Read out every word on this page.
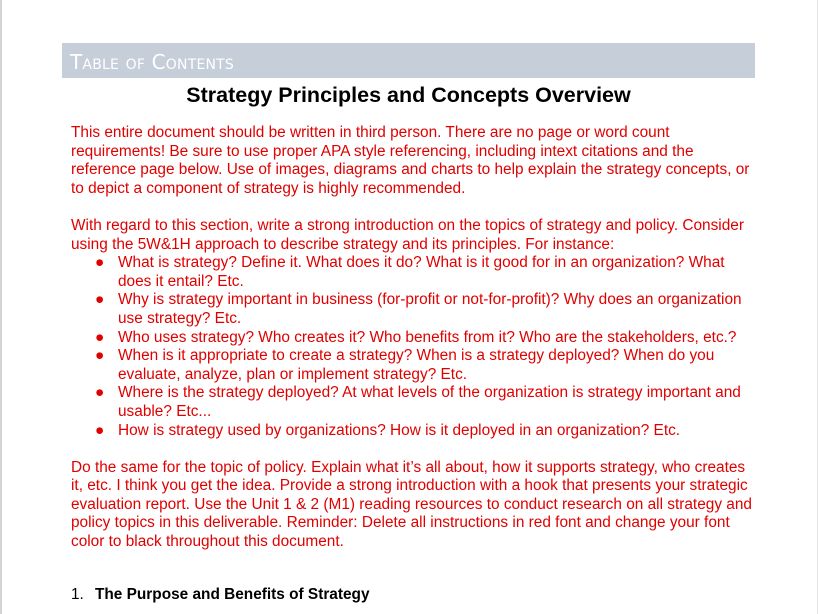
Table of Contents
Strategy Principles and Concepts Overview

This entire document should be written in third person. There are no page or word count requirements! Be sure to use proper APA style referencing, including intext citations and the reference page below. Use of images, diagrams and charts to help explain the strategy concepts, or to depict a component of strategy is highly recommended.

With regard to this section, write a strong introduction on the topics of strategy and policy. Consider using the 5W&1H approach to describe strategy and its principles. For instance:

● What is strategy? Define it. What does it do? What is it good for in an organization? What does it entail? Etc.
● Why is strategy important in business (for-profit or not-for-profit)? Why does an organization use strategy? Etc.
● Who uses strategy? Who creates it? Who benefits from it? Who are the stakeholders, etc.?
● When is it appropriate to create a strategy? When is a strategy deployed? When do you evaluate, analyze, plan or implement strategy? Etc.
● Where is the strategy deployed? At what levels of the organization is strategy important and usable? Etc...
● How is strategy used by organizations? How is it deployed in an organization? Etc.

Do the same for the topic of policy. Explain what it’s all about, how it supports strategy, who creates it, etc. I think you get the idea. Provide a strong introduction with a hook that presents your strategic evaluation report. Use the Unit 1 & 2 (M1) reading resources to conduct research on all strategy and policy topics in this deliverable. Reminder: Delete all instructions in red font and change your font color to black throughout this document.

1. The Purpose and Benefits of Strategy
